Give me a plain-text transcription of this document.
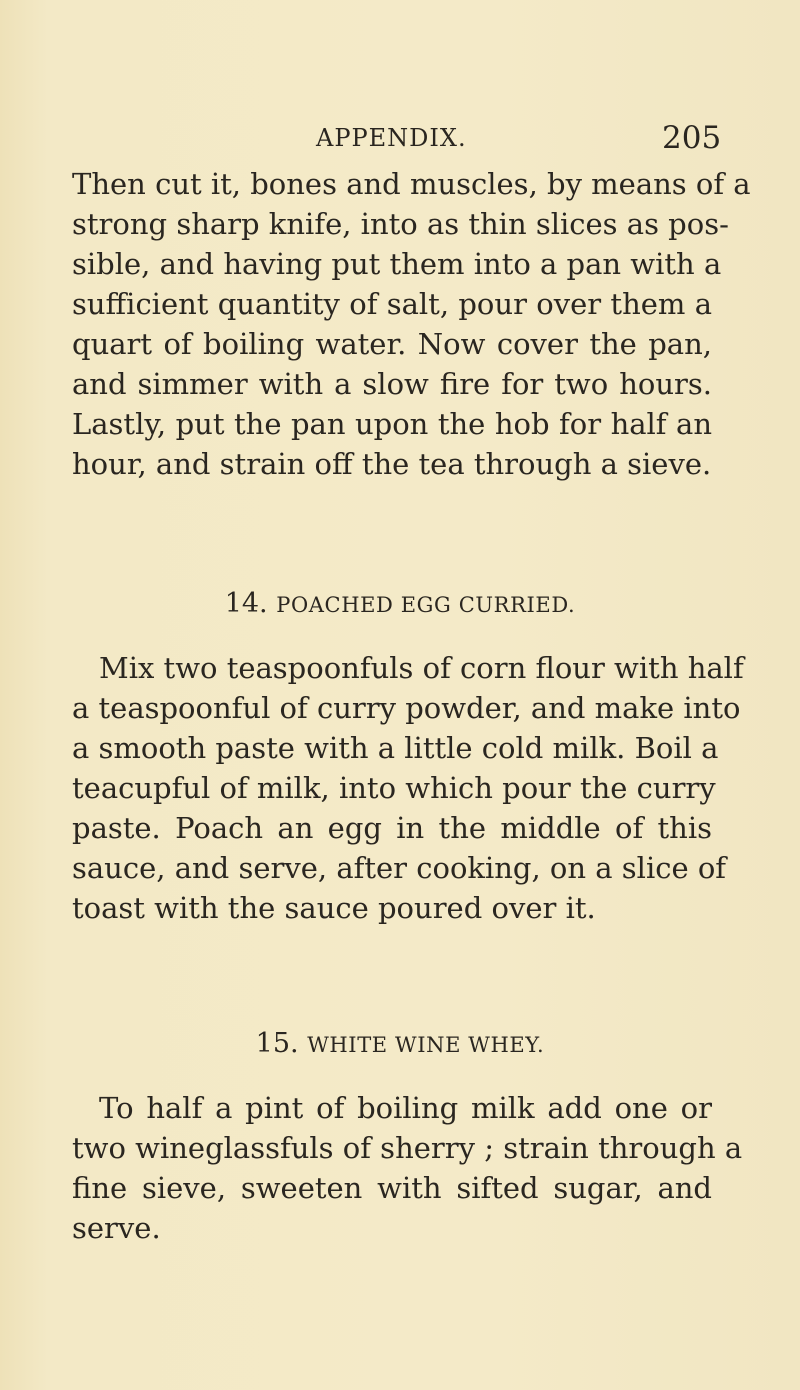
APPENDIX.	205
Then cut it, bones and muscles, by means of a
strong sharp knife, into as thin slices as pos-
sible, and having put them into a pan with a
sufficient quantity of salt, pour over them a
quart of boiling water. Now cover the pan,
and simmer with a slow fire for two hours.
Lastly, put the pan upon the hob for half an
hour, and strain off the tea through a sieve.
14. POACHED EGG CURRIED.
Mix two teaspoonfuls of corn flour with half
a teaspoonful of curry powder, and make into
a smooth paste with a little cold milk. Boil a
teacupful of milk, into which pour the curry
paste. Poach an egg in the middle of this
sauce, and serve, after cooking, on a slice of
toast with the sauce poured over it.
15. WHITE WINE WHEY.
To half a pint of boiling milk add one or
two wineglassfuls of sherry ; strain through a
fine sieve, sweeten with sifted sugar, and
serve.
